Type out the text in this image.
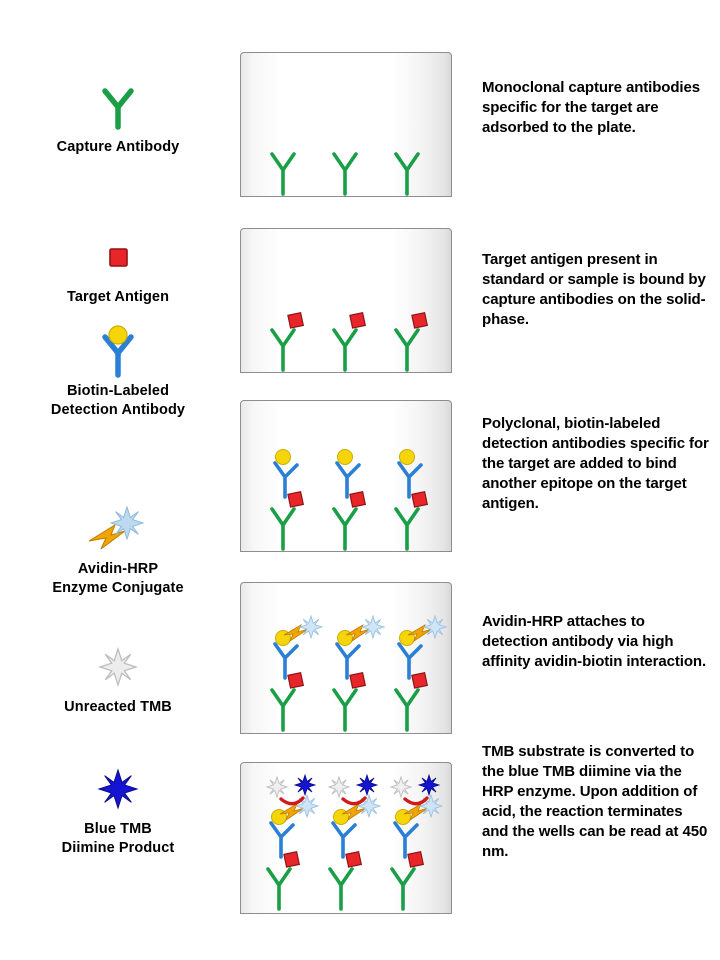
Capture Antibody
Target Antigen
Biotin-Labeled
Detection Antibody
Avidin-HRP
Enzyme Conjugate
Unreacted TMB
Blue TMB
Diimine Product
Monoclonal capture antibodies specific for the target are adsorbed to the plate.
Target antigen present in standard or sample is bound by capture antibodies on the solid-phase.
Polyclonal, biotin-labeled detection antibodies specific for the target are added to bind another epitope on the target antigen.
Avidin-HRP attaches to detection antibody via high affinity avidin-biotin interaction.
TMB substrate is converted to the blue TMB diimine via the HRP enzyme. Upon addition of acid, the reaction terminates and the wells can be read at 450 nm.
